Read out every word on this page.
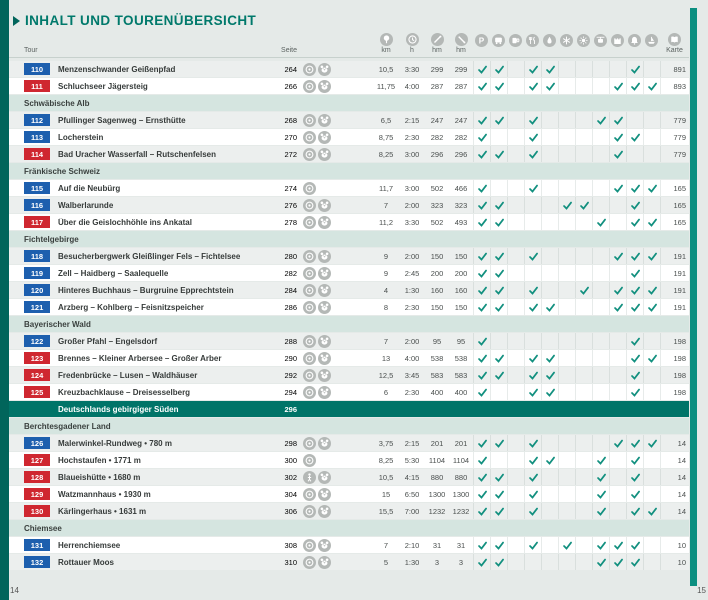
14	15
INHALT UND TOURENÜBERSICHT
Tour	Seite	km	h	hm hm
P

Karte
110	Menzenschwander Geißenpfad	264	10,5	3:30	299	299	891
111	Schluchseer Jägersteig	266	11,75	4:00	287	287	893
Schwäbische Alb
112	Pfullinger Sagenweg – Ernsthütte	268	6,5	2:15	247	247	779
113	Locherstein	270	8,75	2:30	282	282	779
114	Bad Uracher Wasserfall – Rutschenfelsen	272	8,25	3:00	296	296	779
Fränkische Schweiz
115	Auf die Neubürg	274	11,7	3:00	502	466	165
116	Walberlarunde	276	7	2:00	323	323	165
117	Über die Geislochhöhle ins Ankatal	278	11,2	3:30	502	493	165
Fichtelgebirge
118	Besucherbergwerk Gleißlinger Fels – Fichtelsee	280	9	2:00	150	150	191
119	Zell – Haidberg – Saalequelle	282	9	2:45	200	200	191
120	Hinteres Buchhaus – Burgruine Epprechtstein	284	4	1:30	160	160	191
121	Arzberg – Kohlberg – Feisnitzspeicher	286	8	2:30	150	150	191
Bayerischer Wald
122	Großer Pfahl – Engelsdorf	288	7	2:00	95	95	198
123	Brennes – Kleiner Arbersee – Großer Arber	290	13	4:00	538	538	198
124	Fredenbrücke – Lusen – Waldhäuser	292	12,5	3:45	583	583	198
125	Kreuzbachklause – Dreisesselberg	294	6	2:30	400	400	198
Deutschlands gebirgiger Süden	296
Berchtesgadener Land
126	Malerwinkel-Rundweg • 780 m	298	3,75	2:15	201	201	14
127	Hochstaufen • 1771 m	300	8,25	5:30	1104	1104	14
128	Blaueishütte • 1680 m	302	10,5	4:15	880	880	14
129	Watzmannhaus • 1930 m	304	15	6:50	1300 1300	14
130	Kärlingerhaus • 1631 m	306	15,5	7:00	1232 1232	14
Chiemsee
131	Herrenchiemsee	308	7	2:10	31	31	10
132	Rottauer Moos	310	5	1:30	3	3	10
